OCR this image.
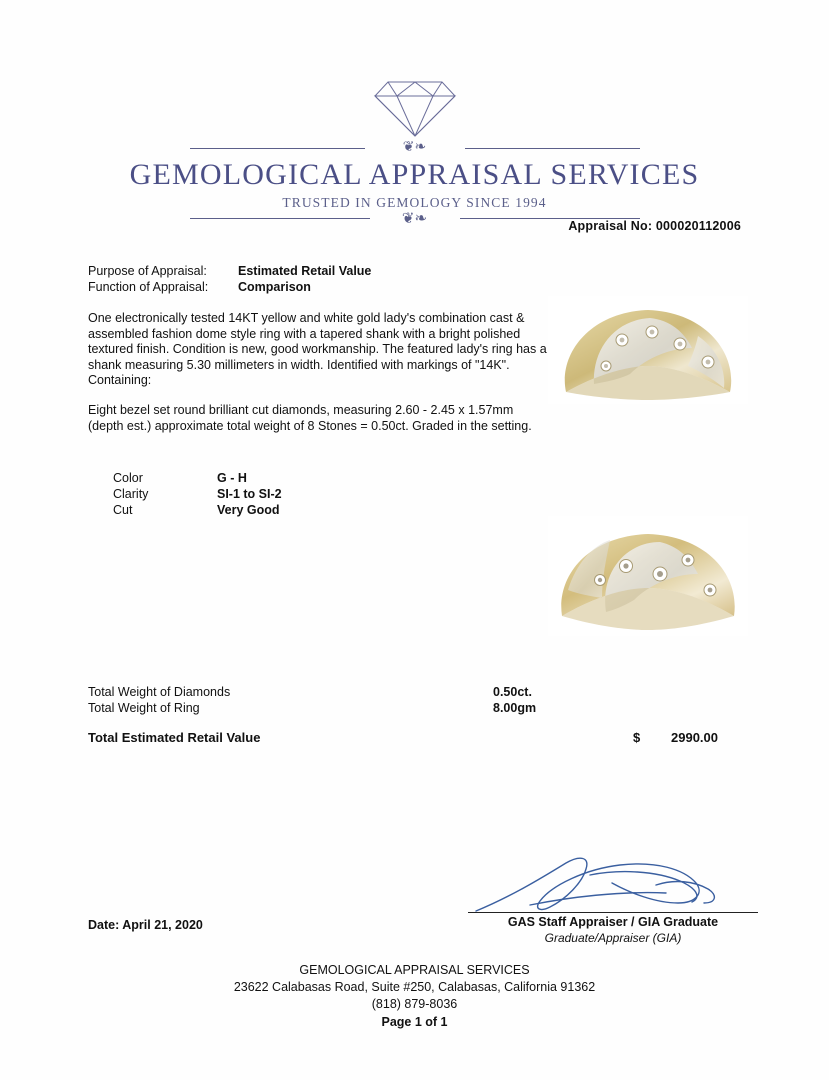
❦❧
GEMOLOGICAL APPRAISAL SERVICES
TRUSTED IN GEMOLOGY SINCE 1994
❦❧	Appraisal No: 000020112006
Purpose of Appraisal:	Estimated Retail Value
Function of Appraisal:	Comparison
One electronically tested 14KT yellow and white gold lady's combination cast & assembled fashion dome style ring with a tapered shank with a bright polished textured finish. Condition is new, good workmanship. The featured lady's ring has a shank measuring 5.30 millimeters in width. Identified with markings of "14K". Containing:
Eight bezel set round brilliant cut diamonds, measuring 2.60 - 2.45 x 1.57mm (depth est.) approximate total weight of 8 Stones = 0.50ct. Graded in the setting.
Color	G - H
Clarity	SI-1 to SI-2
Cut	Very Good
Total Weight of Diamonds	0.50ct.
Total Weight of Ring	8.00gm
Total Estimated Retail Value	$ 2990.00
GAS Staff Appraiser / GIA Graduate
Graduate/Appraiser (GIA)
Date: April 21, 2020
GEMOLOGICAL APPRAISAL SERVICES
23622 Calabasas Road, Suite #250, Calabasas, California 91362
(818) 879-8036
Page 1 of 1
